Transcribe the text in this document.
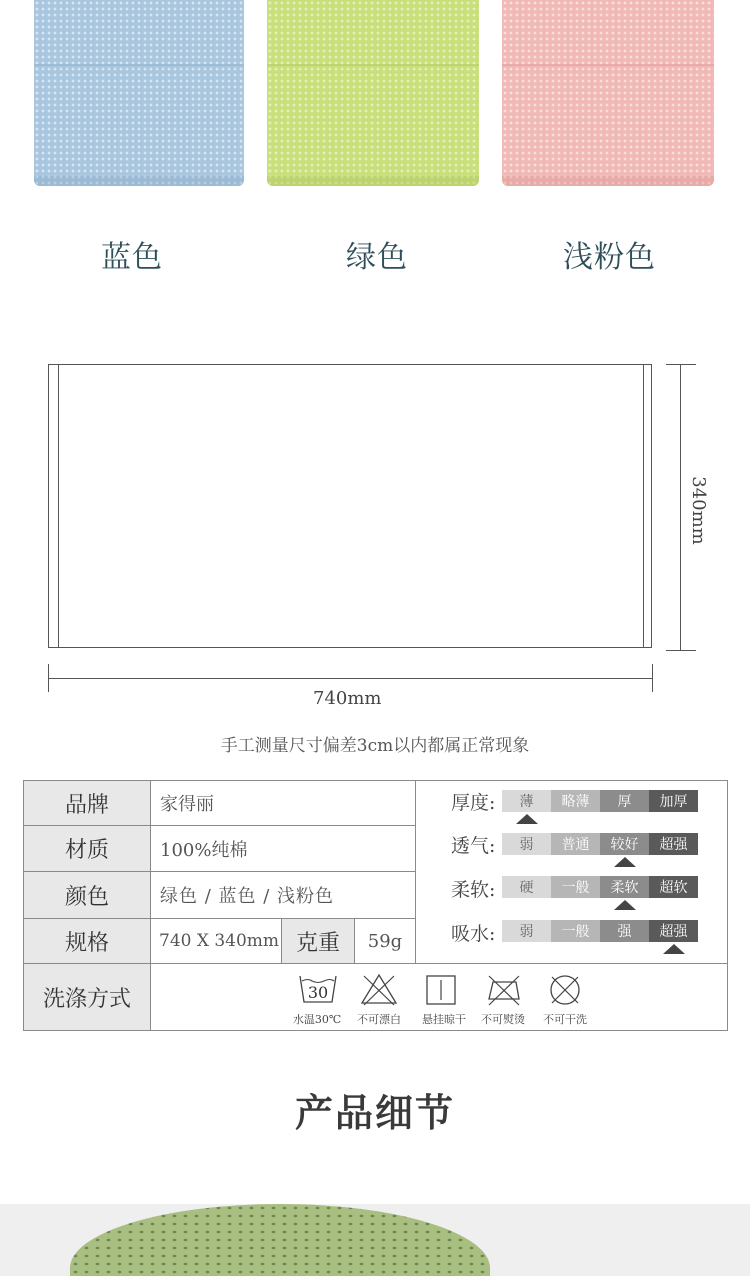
蓝色	绿色	浅粉色
740mm
340mm
手工测量尺寸偏差3cm以内都属正常现象
品牌	家得丽
材质	100%纯棉
颜色	绿色 / 蓝色 / 浅粉色
规格	740 X 340mm 克重	59g
厚度:	薄	略薄	厚	加厚
透气:	弱	普通	较好	超强
柔软:	硬	一般	柔软	超软
吸水:	弱	一般	强	超强
洗涤方式	30
水温30℃	不可漂白	悬挂晾干	不可熨烫	不可干洗
产品细节
